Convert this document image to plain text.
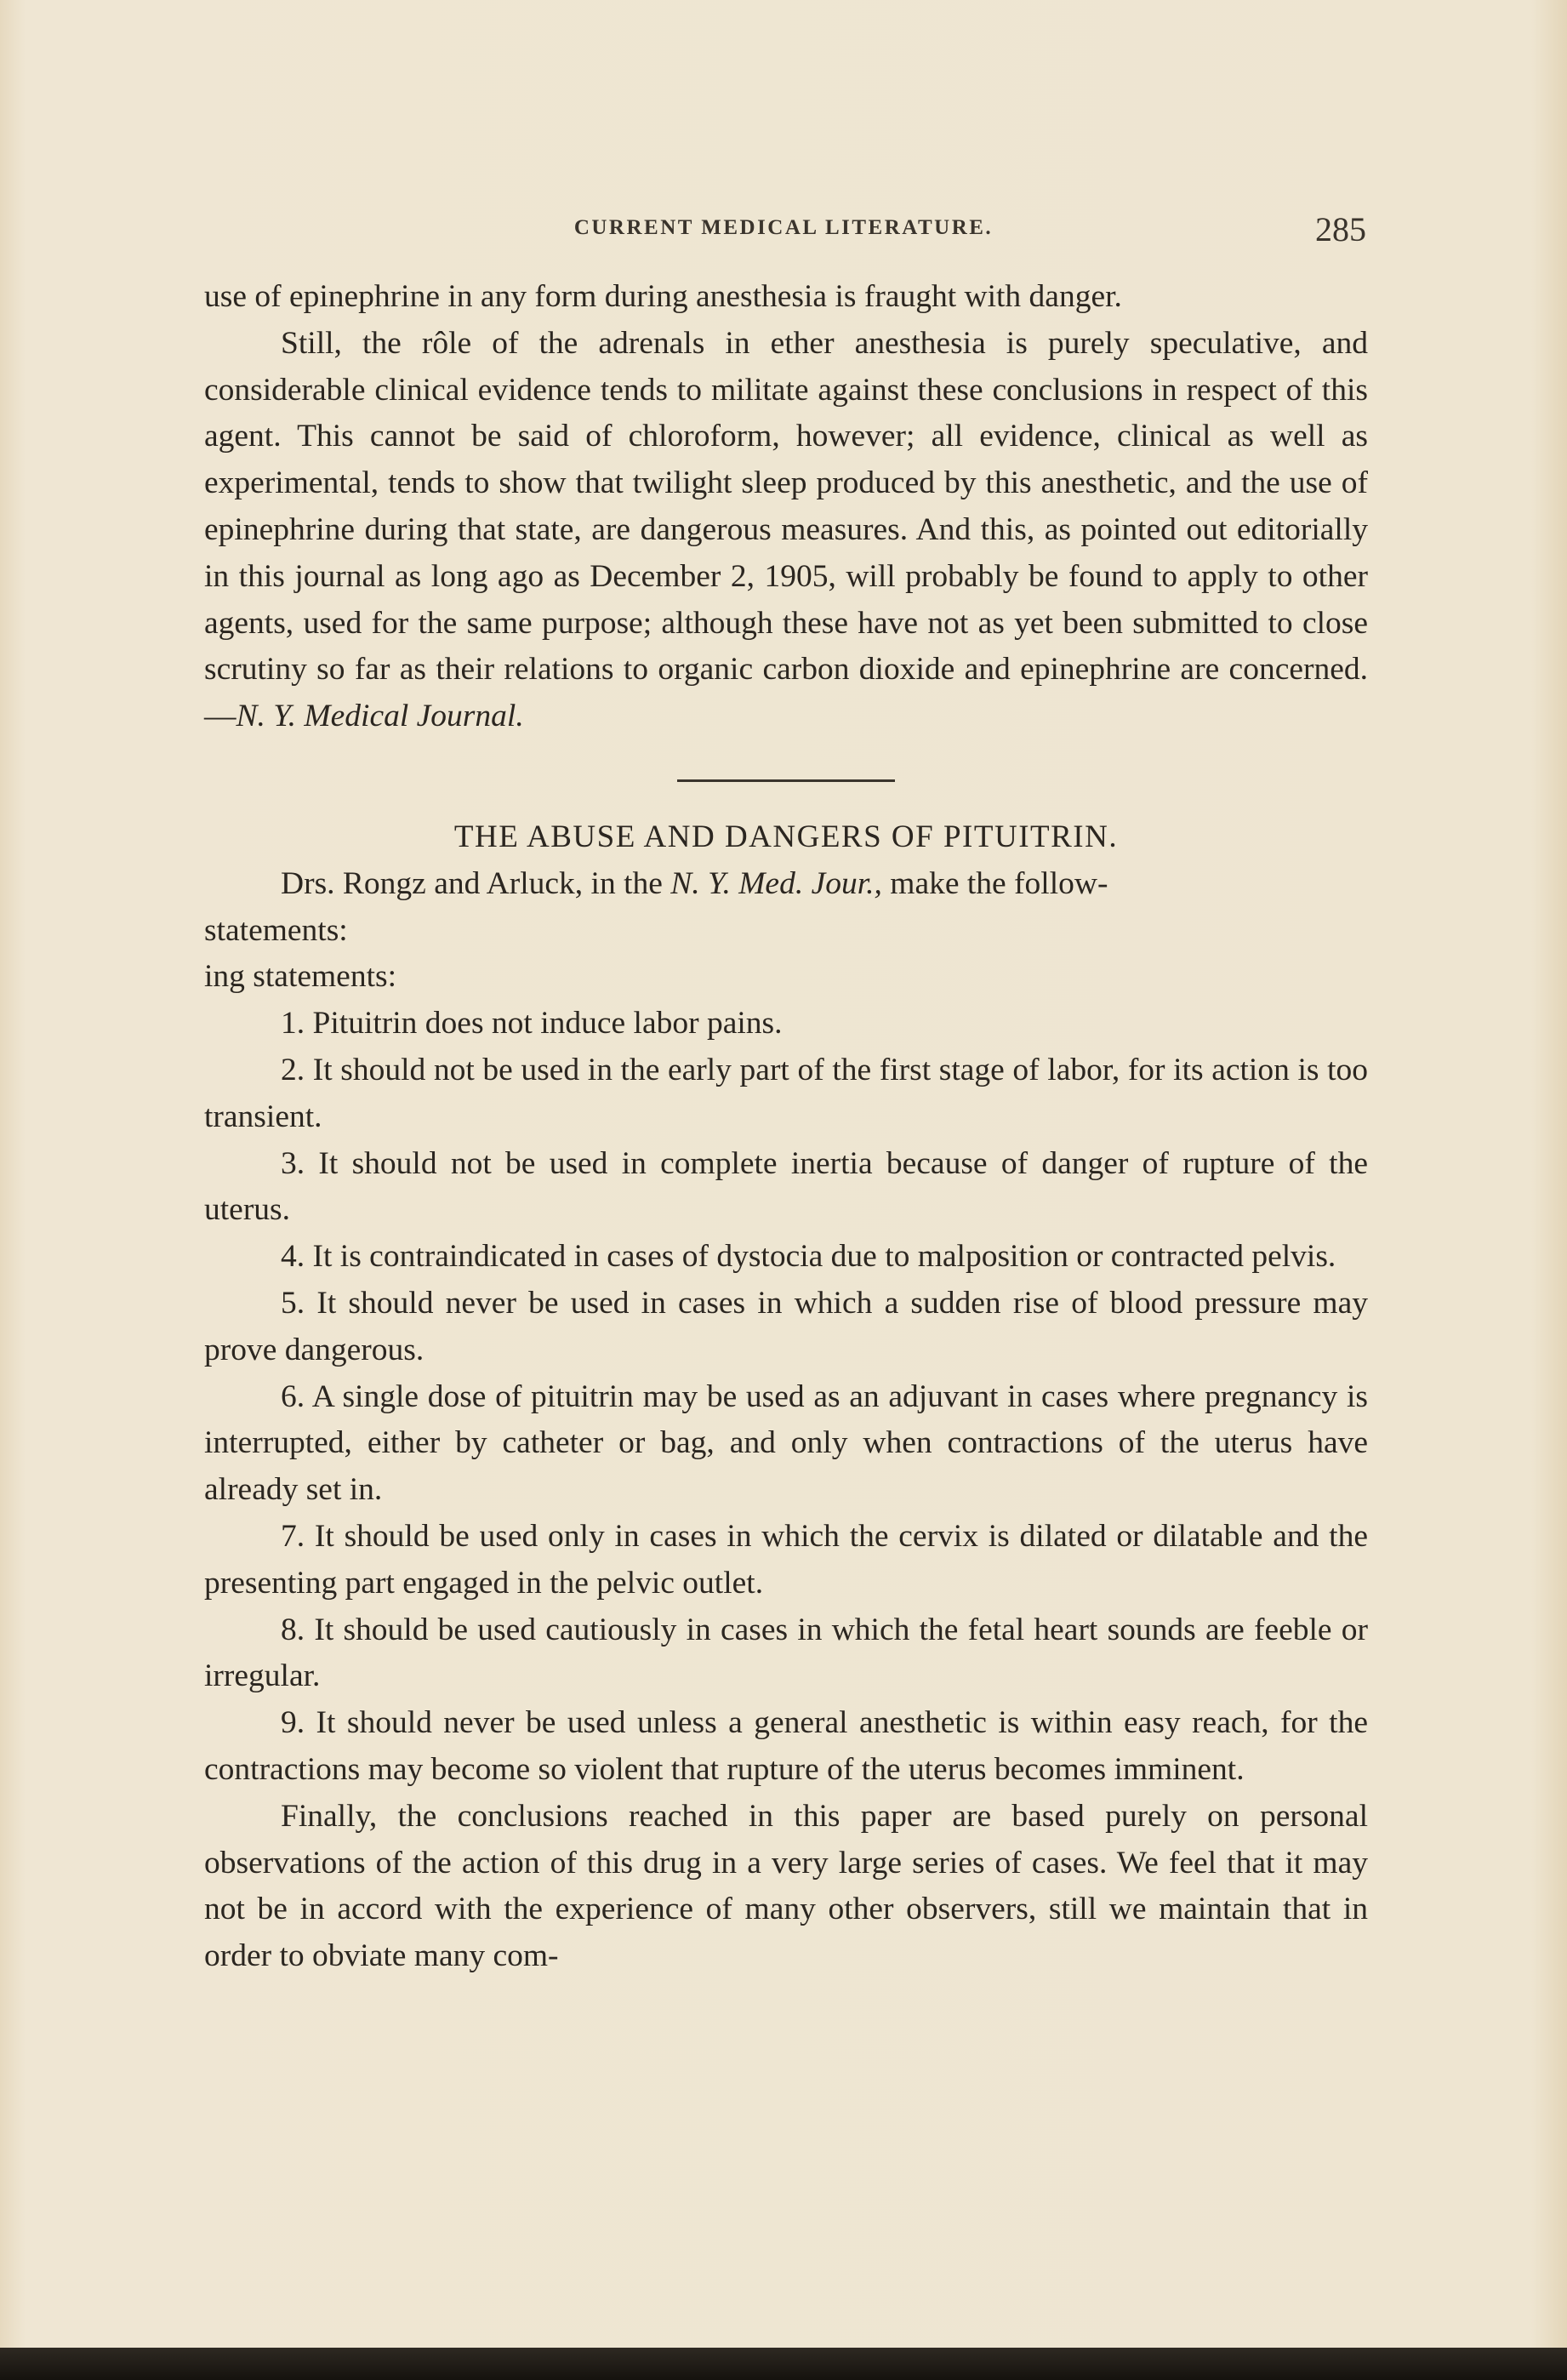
CURRENT MEDICAL LITERATURE.	285

use of epinephrine in any form during anesthesia is fraught with danger.

Still, the rôle of the adrenals in ether anesthesia is purely speculative, and considerable clinical evidence tends to militate against these conclusions in respect of this agent. This cannot be said of chloroform, however; all evidence, clinical as well as experimental, tends to show that twilight sleep produced by this anesthetic, and the use of epinephrine during that state, are dangerous measures. And this, as pointed out editorially in this journal as long ago as December 2, 1905, will probably be found to apply to other agents, used for the same purpose; although these have not as yet been submitted to close scrutiny so far as their relations to organic carbon dioxide and epinephrine are concerned.—N. Y. Medical Journal.

THE ABUSE AND DANGERS OF PITUITRIN.

Drs. Rongz and Arluck, in the N. Y. Med. Jour., make the follow-

statements:

ing statements:

1. Pituitrin does not induce labor pains.

2. It should not be used in the early part of the first stage of labor, for its action is too transient.

3. It should not be used in complete inertia because of danger of rupture of the uterus.

4. It is contraindicated in cases of dystocia due to malposition or contracted pelvis.

5. It should never be used in cases in which a sudden rise of blood pressure may prove dangerous.

6. A single dose of pituitrin may be used as an adjuvant in cases where pregnancy is interrupted, either by catheter or bag, and only when contractions of the uterus have already set in.

7. It should be used only in cases in which the cervix is dilated or dilatable and the presenting part engaged in the pelvic outlet.

8. It should be used cautiously in cases in which the fetal heart sounds are feeble or irregular.

9. It should never be used unless a general anesthetic is within easy reach, for the contractions may become so violent that rupture of the uterus becomes imminent.

Finally, the conclusions reached in this paper are based purely on personal observations of the action of this drug in a very large series of cases. We feel that it may not be in accord with the experience of many other observers, still we maintain that in order to obviate many com-
